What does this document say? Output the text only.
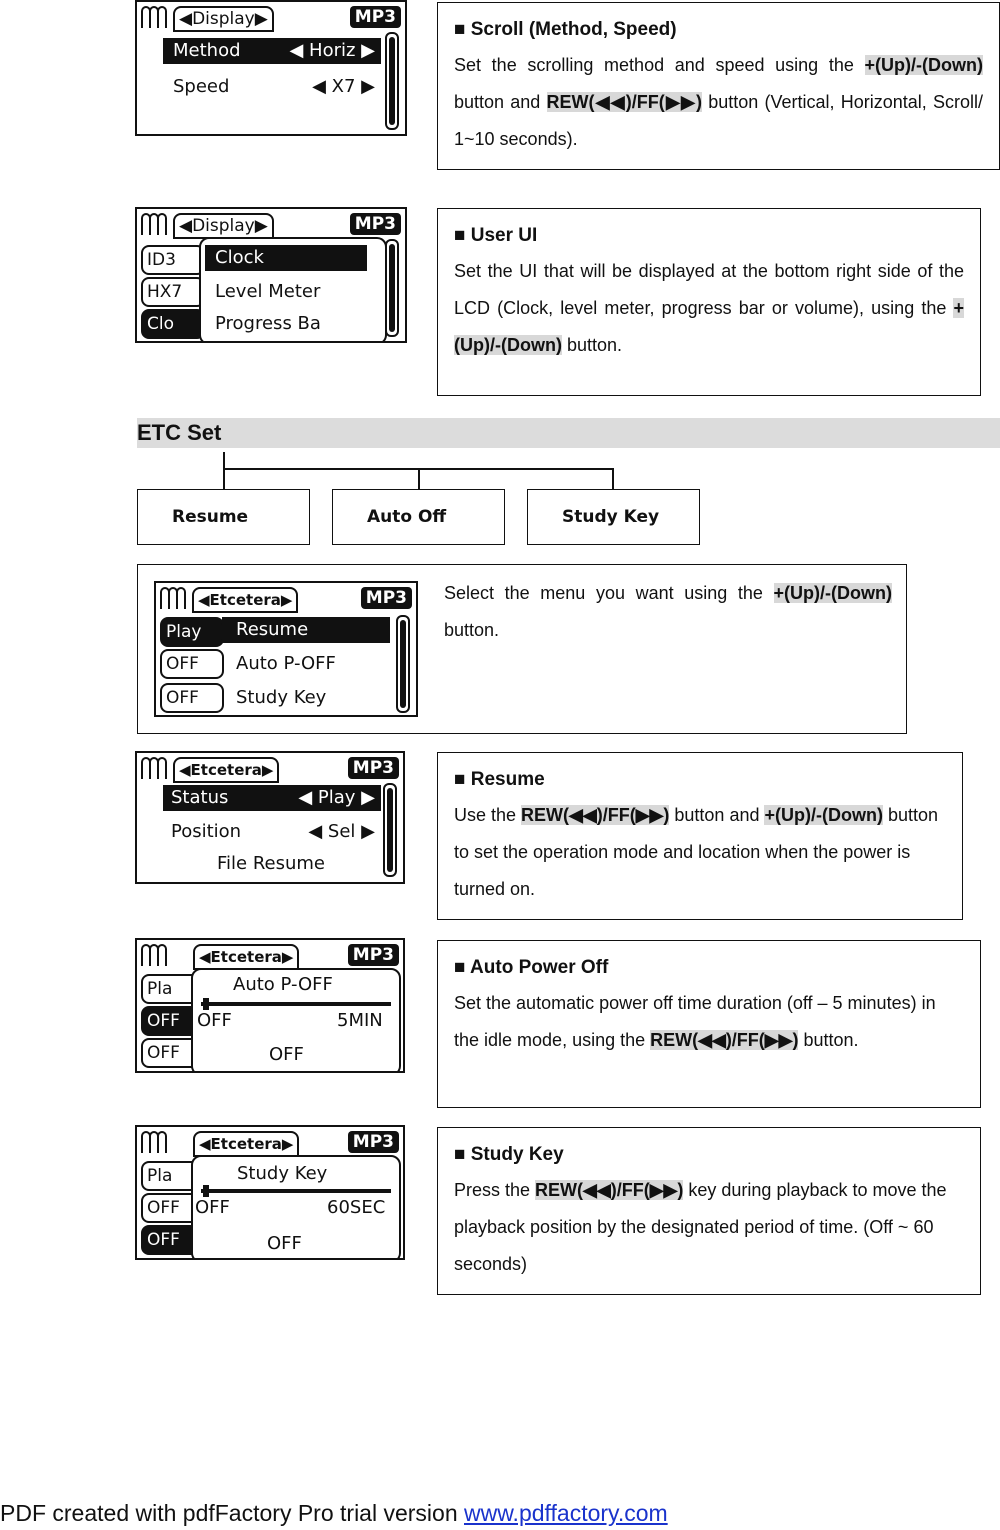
◀Display▶	MP3
Method	◀ Horiz ▶
Speed	◀ X7 ▶
■ Scroll (Method, Speed)

Set the scrolling method and speed using the +(Up)/-(Down) button and REW(◀◀)/FF(▶▶) button (Vertical, Horizontal, Scroll/ 1~10 seconds).

◀Display▶	MP3
ID3
HX7
Clo
Clock
Level Meter
Progress Ba
■ User UI

Set the UI that will be displayed at the bottom right side of the LCD (Clock, level meter, progress bar or volume), using the +(Up)/-(Down) button.

ETC Set
Resume	Auto Off	Study Key
◀Etcetera▶	MP3
Play
OFF
OFF
Resume
Auto P-OFF
Study Key

Select the menu you want using the +(Up)/-(Down) button.

◀Etcetera▶	MP3
Status	◀ Play ▶
Position	◀ Sel ▶
File Resume
■ Resume

Use the REW(◀◀)/FF(▶▶) button and +(Up)/-(Down) button to set the operation mode and location when the power is turned on.

◀Etcetera▶	MP3
Pla
OFF
OFF
Auto P-OFF
OFF	5MIN
OFF
■ Auto Power Off

Set the automatic power off time duration (off – 5 minutes) in the idle mode, using the REW(◀◀)/FF(▶▶) button.

◀Etcetera▶	MP3
Pla
OFF
OFF
Study Key
OFF	60SEC
OFF
■ Study Key

Press the REW(◀◀)/FF(▶▶) key during playback to move the playback position by the designated period of time. (Off ~ 60 seconds)

PDF created with pdfFactory Pro trial version www.pdffactory.com
